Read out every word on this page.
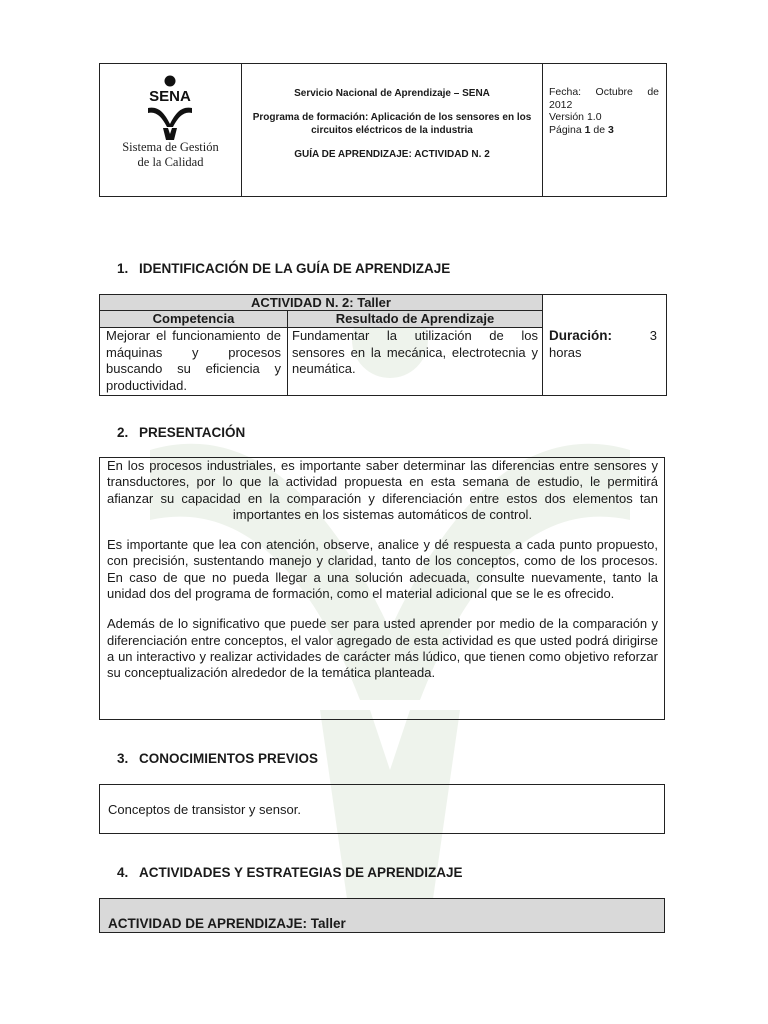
SENA
Sistema de Gestión
de la Calidad
Servicio Nacional de Aprendizaje – SENA
Programa de formación: Aplicación de los sensores en los circuitos eléctricos de la industria
GUÍA DE APRENDIZAJE: ACTIVIDAD N. 2
Fecha: Octubre de
2012
Versión 1.0
Página 1 de 3
1. IDENTIFICACIÓN DE LA GUÍA DE APRENDIZAJE
ACTIVIDAD N. 2: Taller
Competencia	Resultado de Aprendizaje
Mejorar el funcionamiento de máquinas y procesos buscando su eficiencia y productividad.
Fundamentar la utilización de los sensores en la mecánica, electrotecnia y neumática.
Duración:	3
horas
2. PRESENTACIÓN

En los procesos industriales, es importante saber determinar las diferencias entre sensores y transductores, por lo que la actividad propuesta en esta semana de estudio, le permitirá afianzar su capacidad en la comparación y diferenciación entre estos dos elementos tan importantes en los sistemas automáticos de control.

Es importante que lea con atención, observe, analice y dé respuesta a cada punto propuesto, con precisión, sustentando manejo y claridad, tanto de los conceptos, como de los procesos. En caso de que no pueda llegar a una solución adecuada, consulte nuevamente, tanto la unidad dos del programa de formación, como el material adicional que se le es ofrecido.

Además de lo significativo que puede ser para usted aprender por medio de la comparación y diferenciación entre conceptos, el valor agregado de esta actividad es que usted podrá dirigirse a un interactivo y realizar actividades de carácter más lúdico, que tienen como objetivo reforzar su conceptualización alrededor de la temática planteada.

3. CONOCIMIENTOS PREVIOS
Conceptos de transistor y sensor.
4. ACTIVIDADES Y ESTRATEGIAS DE APRENDIZAJE
ACTIVIDAD DE APRENDIZAJE: Taller
